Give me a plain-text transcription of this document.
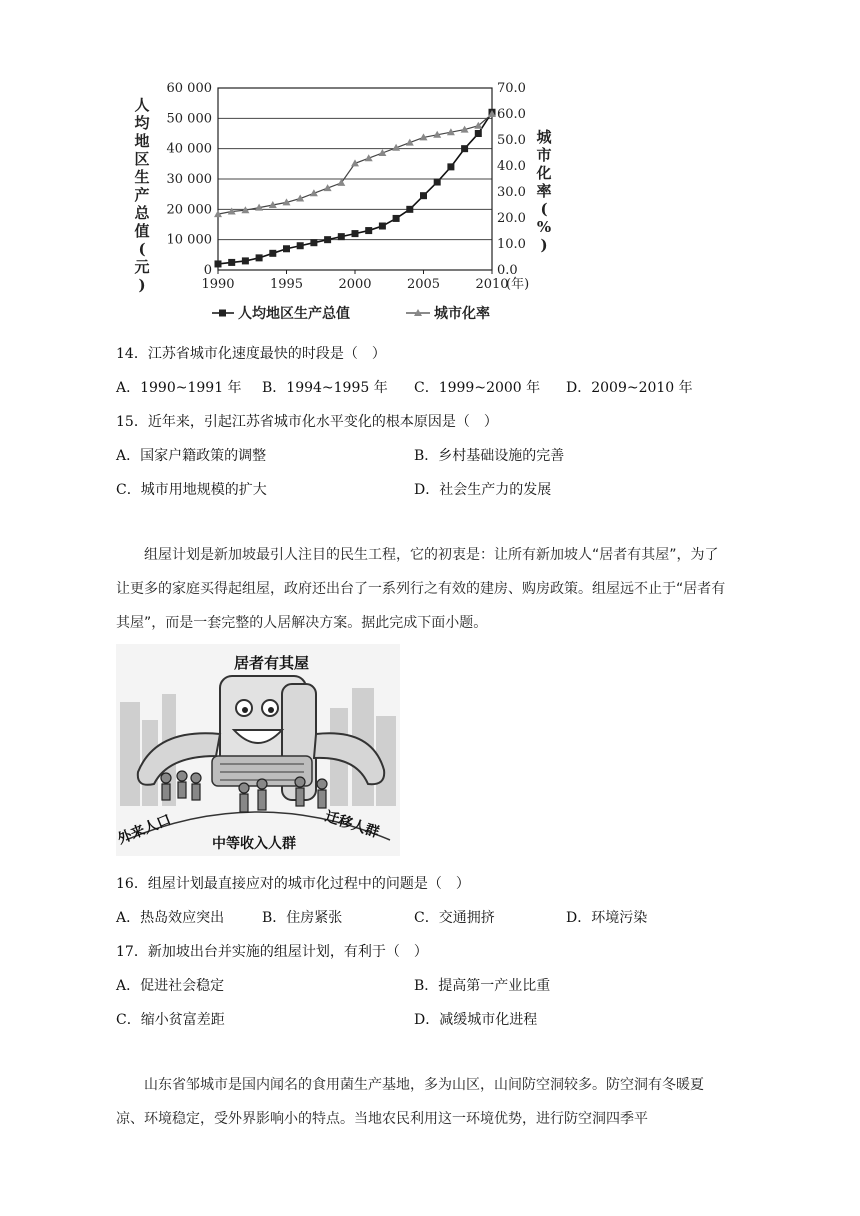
0
10 000
20 000
30 000
40 000
50 000
60 000
0.0
10.0
20.0
30.0
40.0
50.0
60.0
70.0
1990	1995	2000	2005	2010
(年)
人
均
地
区
生
产
总
值
(
元
)
城
市
化
率
(
%
)
人均地区生产总值	城市化率
14．江苏省城市化速度最快的时段是（　）
A．1990~1991 年 B．1994~1995 年 C．1999~2000 年 D．2009~2010 年
15．近年来，引起江苏省城市化水平变化的根本原因是（　）
A．国家户籍政策的调整	B．乡村基础设施的完善
C．城市用地规模的扩大	D．社会生产力的发展
组屋计划是新加坡最引人注目的民生工程，它的初衷是：让所有新加坡人“居者有其屋”，为了让更多的家庭买得起组屋，政府还出台了一系列行之有效的建房、购房政策。组屋远不止于“居者有其屋”，而是一套完整的人居解决方案。据此完成下面小题。
居者有其屋
外来人口	中等收入人群
迁移人群
16．组屋计划最直接应对的城市化过程中的问题是（　）
A．热岛效应突出	B．住房紧张	C．交通拥挤	D．环境污染
17．新加坡出台并实施的组屋计划，有利于（　）
A．促进社会稳定	B．提高第一产业比重
C．缩小贫富差距	D．减缓城市化进程
山东省邹城市是国内闻名的食用菌生产基地，多为山区，山间防空洞较多。防空洞有冬暖夏凉、环境稳定，受外界影响小的特点。当地农民利用这一环境优势，进行防空洞四季平
